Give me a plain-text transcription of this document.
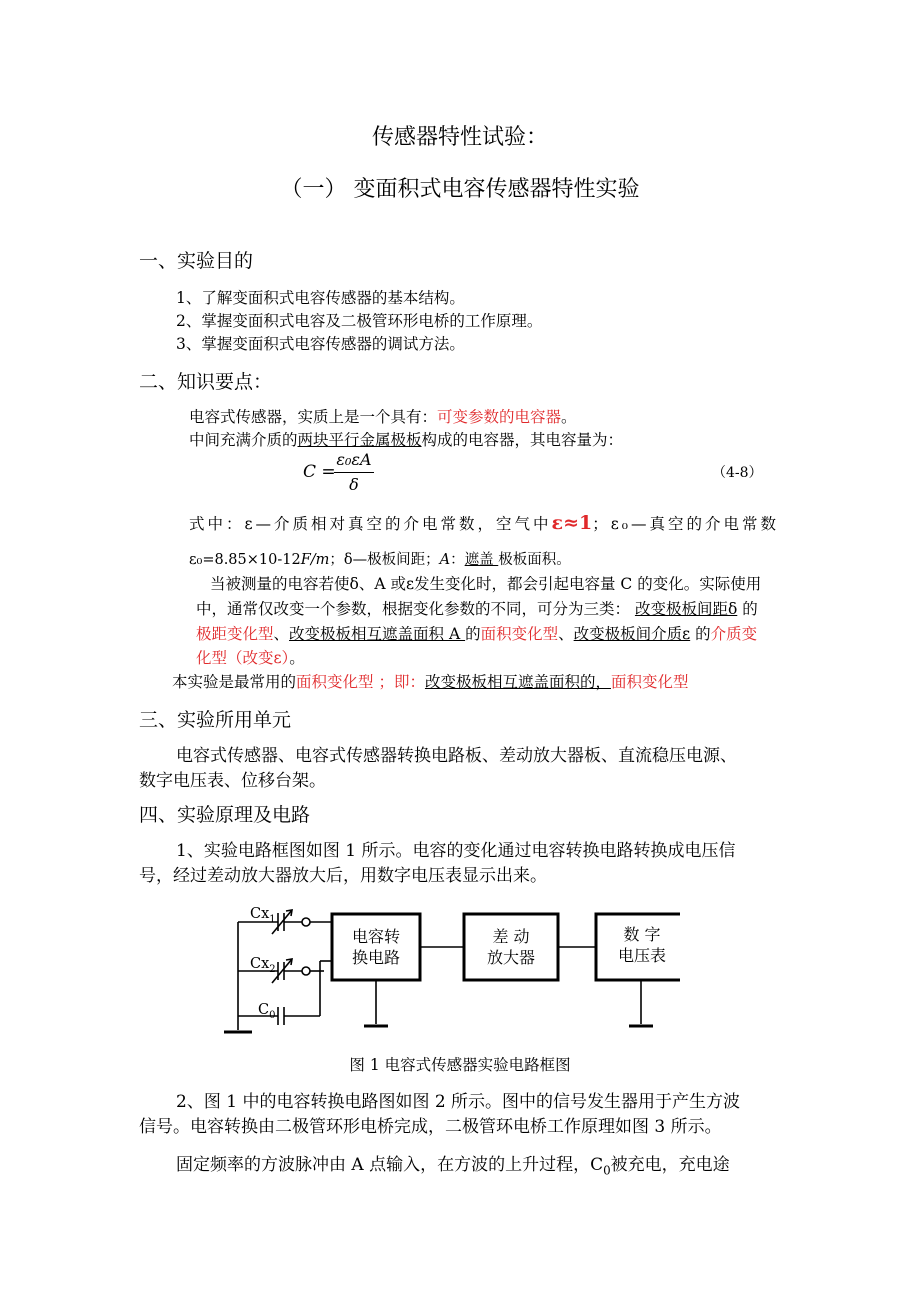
传感器特性试验：
（一） 变面积式电容传感器特性实验
一、实验目的
1、了解变面积式电容传感器的基本结构。
2、掌握变面积式电容及二极管环形电桥的工作原理。
3、掌握变面积式电容传感器的调试方法。
二、知识要点：
电容式传感器，实质上是一个具有：可变参数的电容器。
中间充满介质的两块平行金属极板构成的电容器，其电容量为：
C =
ε₀εA
δ
（4-8）
式中：ε—介质相对真空的介电常数，空气中ε≈1；ε₀—真空的介电常数
ε₀=8.85×10-12F/m；δ—极板间距；A：遮盖 极板面积。
当被测量的电容若使δ、A 或ε发生变化时，都会引起电容量 C 的变化。实际使用
中，通常仅改变一个参数，根据变化参数的不同，可分为三类： 改变极板间距δ 的
极距变化型、改变极板相互遮盖面积 A 的面积变化型、改变极板间介质ε 的介质变
化型（改变ε）。
本实验是最常用的面积变化型 ；即：改变极板相互遮盖面积的，面积变化型
三、实验所用单元
电容式传感器、电容式传感器转换电路板、差动放大器板、直流稳压电源、
数字电压表、位移台架。
四、实验原理及电路
1、实验电路框图如图 1 所示。电容的变化通过电容转换电路转换成电压信
号，经过差动放大器放大后，用数字电压表显示出来。
$Cx_1$
$Cx_2$
$C_0$
电容转
换电路
差 动
放大器
数 字
电压表
图 1 电容式传感器实验电路框图
2、图 1 中的电容转换电路图如图 2 所示。图中的信号发生器用于产生方波
信号。电容转换由二极管环形电桥完成，二极管环电桥工作原理如图 3 所示。
固定频率的方波脉冲由 A 点输入，在方波的上升过程，$C_0$被充电，充电途
